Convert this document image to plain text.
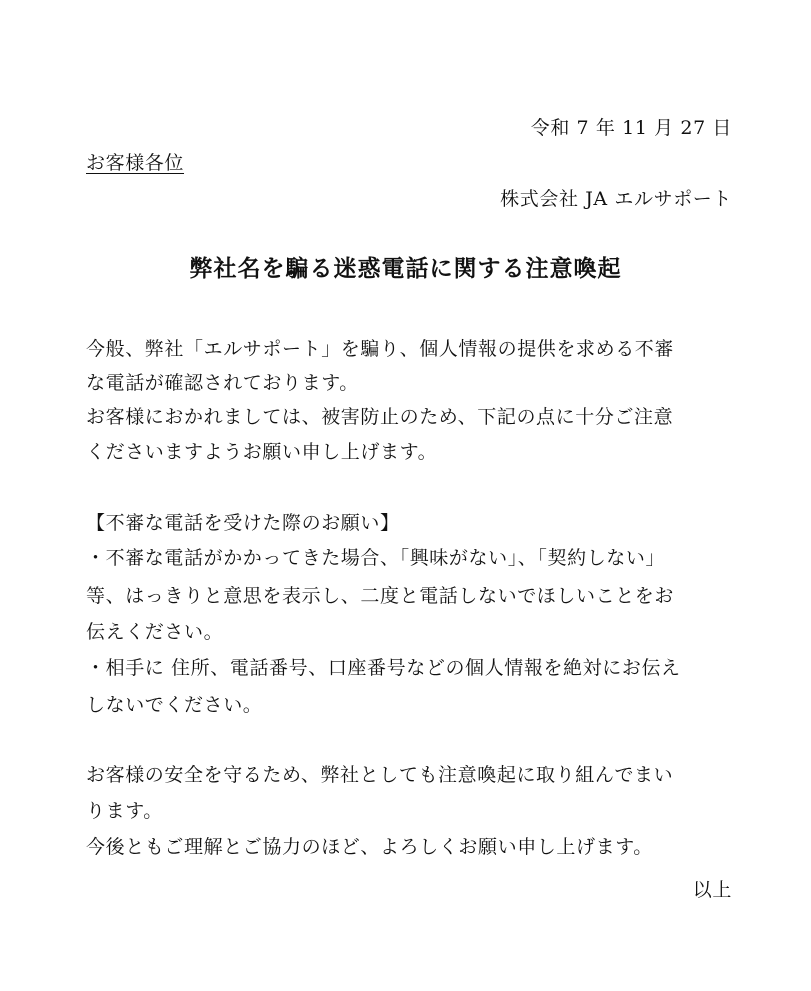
令和 7 年 11 月 27 日
お客様各位
株式会社 JA エルサポート
弊社名を騙る迷惑電話に関する注意喚起
今般、弊社「エルサポート」を騙り、個人情報の提供を求める不審
な電話が確認されております。
お客様におかれましては、被害防止のため、下記の点に十分ご注意
くださいますようお願い申し上げます。
【不審な電話を受けた際のお願い】
・不審な電話がかかってきた場合、「興味がない」、「契約しない」
等、はっきりと意思を表示し、二度と電話しないでほしいことをお
伝えください。
・相手に 住所、電話番号、口座番号などの個人情報を絶対にお伝え
しないでください。
お客様の安全を守るため、弊社としても注意喚起に取り組んでまい
ります。
今後ともご理解とご協力のほど、よろしくお願い申し上げます。
以上
